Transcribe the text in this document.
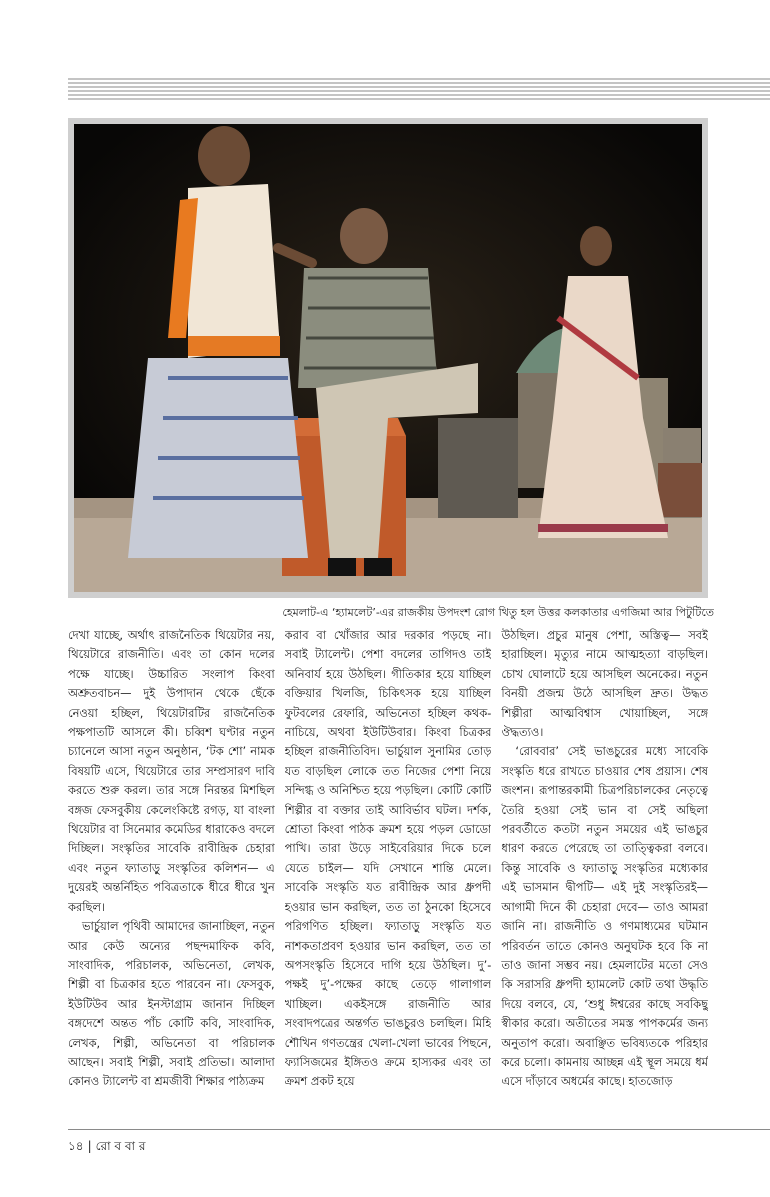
হেমলাট-এ ‘হ্যামলেট’-এর রাজকীয় উপদংশ রোগ থিতু হল উত্তর কলকাতার এগজিমা আর পিটুটিতে

দেখা যাচ্ছে, অর্থাৎ রাজনৈতিক থিয়েটার নয়, থিয়েটারে রাজনীতি। এবং তা কোন দলের পক্ষে যাচ্ছে। উচ্চারিত সংলাপ কিংবা অশ্রুতবাচন— দুই উপাদান থেকে ছেঁকে নেওয়া হচ্ছিল, থিয়েটারটির রাজনৈতিক পক্ষপাতটি আসলে কী। চব্বিশ ঘণ্টার নতুন চ্যানেলে আসা নতুন অনুষ্ঠান, ‘টক শো’ নামক বিষয়টি এসে, থিয়েটারে তার সম্প্রসারণ দাবি করতে শুরু করল। তার সঙ্গে নিরন্তর মিশছিল বঙ্গজ ফেসবুকীয় কেলেংকিষ্টে রগড়, যা বাংলা থিয়েটার বা সিনেমার কমেডির ধারাকেও বদলে দিচ্ছিল। সংস্কৃতির সাবেকি রাবীন্দ্রিক চেহারা এবং নতুন ফ্যাতাড়ু সংস্কৃতির কলিশন— এ দুয়েরই অন্তর্নিহিত পবিত্রতাকে ধীরে ধীরে খুন করছিল।

ভার্চুয়াল পৃথিবী আমাদের জানাচ্ছিল, নতুন আর কেউ অন্যের পছন্দমাফিক কবি, সাংবাদিক, পরিচালক, অভিনেতা, লেখক, শিল্পী বা চিত্রকার হতে পারবেন না। ফেসবুক, ইউটিউব আর ইনস্টাগ্রাম জানান দিচ্ছিল বঙ্গদেশে অন্তত পাঁচ কোটি কবি, সাংবাদিক, লেখক, শিল্পী, অভিনেতা বা পরিচালক আছেন। সবাই শিল্পী, সবাই প্রতিভা। আলাদা কোনও ট্যালেন্ট বা শ্রমজীবী শিক্ষার পাঠ্যক্রম

করাব বা খোঁজার আর দরকার পড়ছে না। সবাই ট্যালেন্ট। পেশা বদলের তাগিদও তাই অনিবার্য হয়ে উঠছিল। গীতিকার হয়ে যাচ্ছিল বক্তিয়ার খিলজি, চিকিৎসক হয়ে যাচ্ছিল ফুটবলের রেফারি, অভিনেতা হচ্ছিল কথক-নাচিয়ে, অথবা ইউটিউবার। কিংবা চিত্রকর হচ্ছিল রাজনীতিবিদ। ভার্চুয়াল সুনামির তোড় যত বাড়ছিল লোকে তত নিজের পেশা নিয়ে সন্দিগ্ধ ও অনিশ্চিত হয়ে পড়ছিল। কোটি কোটি শিল্পীর বা বক্তার তাই আবির্ভাব ঘটল। দর্শক, শ্রোতা কিংবা পাঠক ক্রমশ হয়ে পড়ল ডোডো পাখি। তারা উড়ে সাইবেরিয়ার দিকে চলে যেতে চাইল— যদি সেখানে শান্তি মেলে। সাবেকি সংস্কৃতি যত রাবীন্দ্রিক আর ধ্রুপদী হওয়ার ভান করছিল, তত তা ঠুনকো হিসেবে পরিগণিত হচ্ছিল। ফ্যাতাড়ু সংস্কৃতি যত নাশকতাপ্রবণ হওয়ার ভান করছিল, তত তা অপসংস্কৃতি হিসেবে দাগি হয়ে উঠছিল। দু’-পক্ষই দু’-পক্ষের কাছে তেড়ে গালাগাল খাচ্ছিল। একইসঙ্গে রাজনীতি আর সংবাদপত্রের অন্তর্গত ভাঙচুরও চলছিল। মিহি শৌখিন গণতন্ত্রের খেলা-খেলা ভাবের পিছনে, ফ্যাসিজমের ইঙ্গিতও ক্রমে হাস্যকর এবং তা ক্রমশ প্রকট হয়ে

উঠছিল। প্রচুর মানুষ পেশা, অস্তিত্ব— সবই হারাচ্ছিল। মৃত্যুর নামে আত্মহত্যা বাড়ছিল। চোখ ঘোলাটে হয়ে আসছিল অনেকের। নতুন বিনয়ী প্রজন্ম উঠে আসছিল দ্রুত। উদ্ধত শিল্পীরা আত্মবিশ্বাস খোয়াচ্ছিল, সঙ্গে ঔদ্ধত্যও।

‘রোববার’ সেই ভাঙচুরের মধ্যে সাবেকি সংস্কৃতি ধরে রাখতে চাওয়ার শেষ প্রয়াস। শেষ জংশন। রূপান্তরকামী চিত্রপরিচালকের নেতৃত্বে তৈরি হওয়া সেই ভান বা সেই অছিলা পরবর্তীতে কতটা নতুন সময়ের এই ভাঙচুর ধারণ করতে পেরেছে তা তাত্ত্বিকরা বলবে। কিন্তু সাবেকি ও ফ্যাতাড়ু সংস্কৃতির মধ্যেকার এই ভাসমান দ্বীপটি— এই দুই সংস্কৃতিরই— আগামী দিনে কী চেহারা দেবে— তাও আমরা জানি না। রাজনীতি ও গণমাধ্যমের ঘটমান পরিবর্তন তাতে কোনও অনুঘটক হবে কি না তাও জানা সম্ভব নয়। হেমলাটের মতো সেও কি সরাসরি ধ্রুপদী হ্যামলেট কোট তথা উদ্ধৃতি দিয়ে বলবে, যে, ‘শুধু ঈশ্বরের কাছে সবকিছু স্বীকার করো। অতীতের সমস্ত পাপকর্মের জন্য অনুতাপ করো। অবাঞ্ছিত ভবিষ্যতকে পরিহার করে চলো। কামনায় আচ্ছন্ন এই স্থূল সময়ে ধর্ম এসে দাঁড়াবে অধর্মের কাছে। হাতজোড়

১৪ | রো ব বা র
